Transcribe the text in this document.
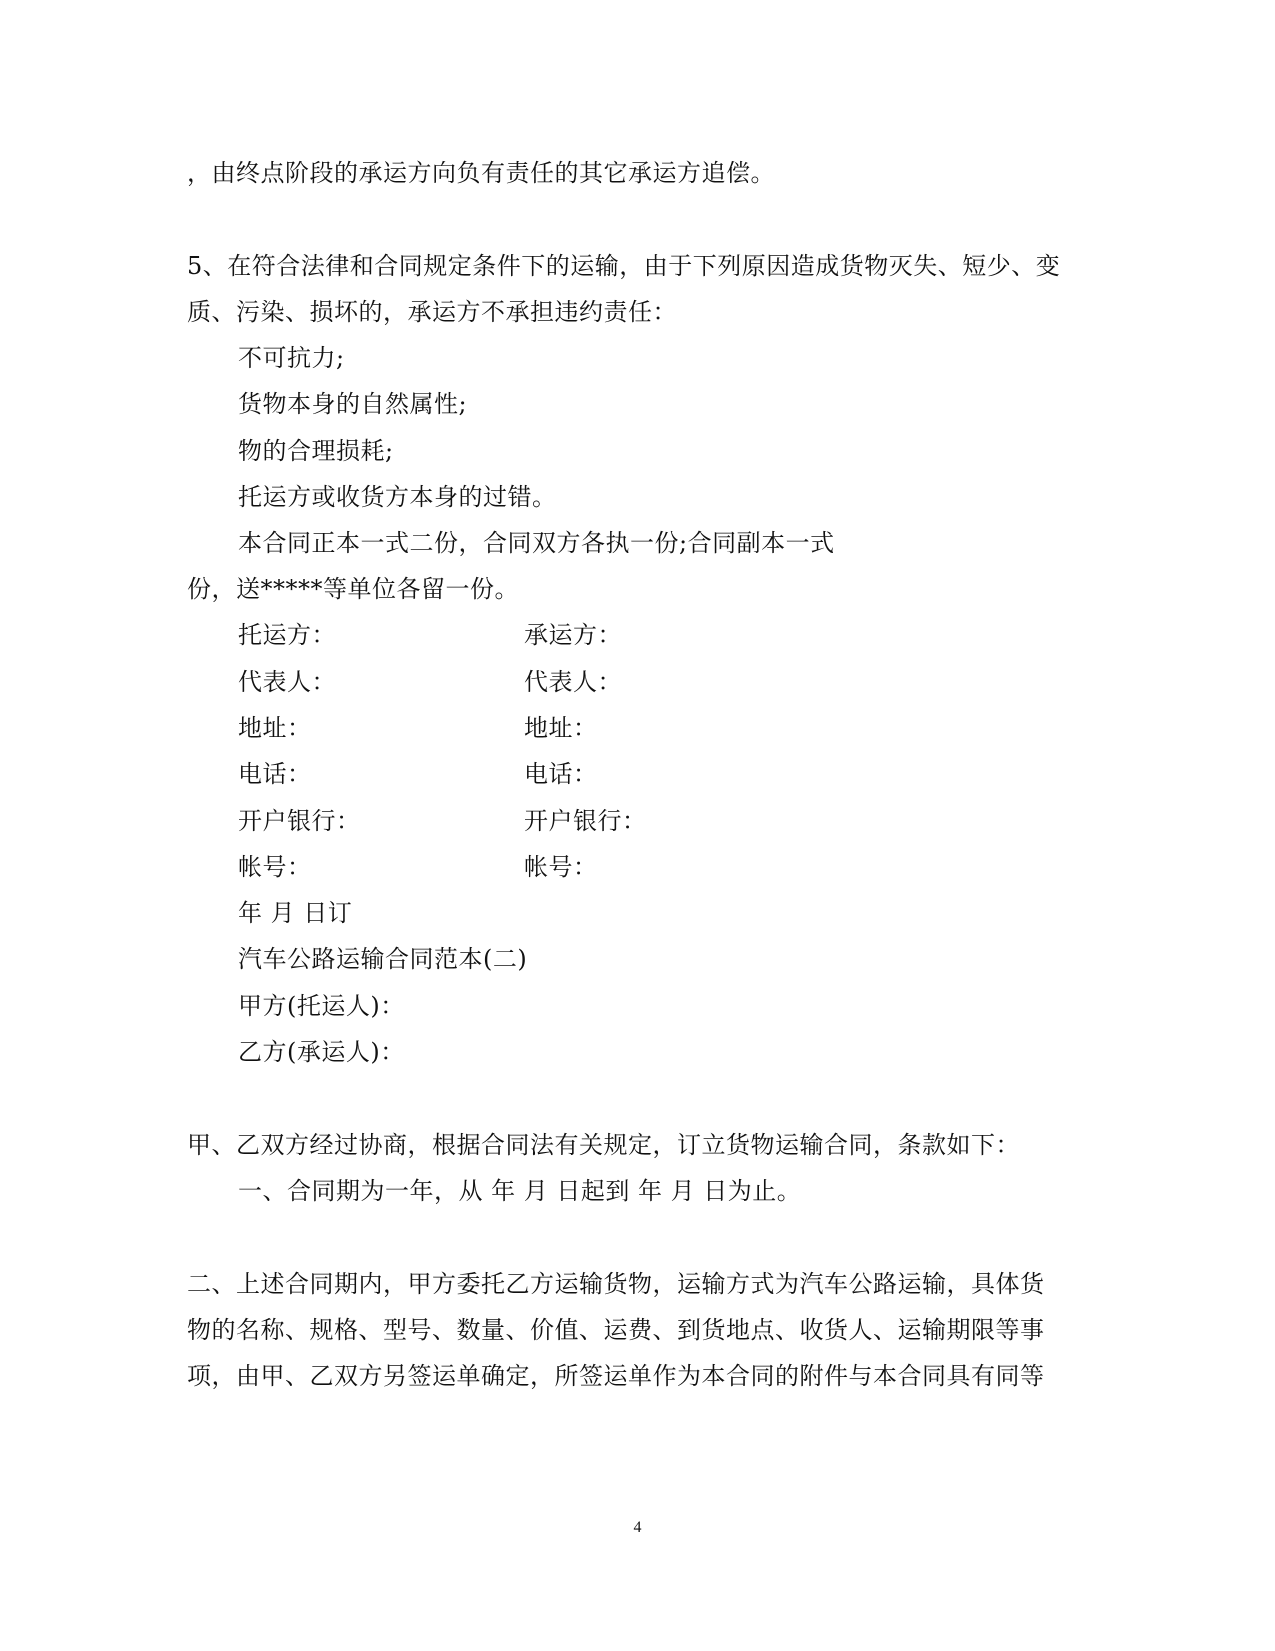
，由终点阶段的承运方向负有责任的其它承运方追偿。
5、在符合法律和合同规定条件下的运输，由于下列原因造成货物灭失、短少、变
质、污染、损坏的，承运方不承担违约责任：
不可抗力;
货物本身的自然属性;
物的合理损耗;
托运方或收货方本身的过错。
本合同正本一式二份，合同双方各执一份;合同副本一式
份，送*****等单位各留一份。
托运方：	承运方：
代表人：	代表人：
地址：	地址：
电话：	电话：
开户银行：	开户银行：
帐号：	帐号：
年 月 日订
汽车公路运输合同范本(二)
甲方(托运人)：
乙方(承运人)：
甲、乙双方经过协商，根据合同法有关规定，订立货物运输合同，条款如下：
一、合同期为一年，从 年 月 日起到 年 月 日为止。
二、上述合同期内，甲方委托乙方运输货物，运输方式为汽车公路运输，具体货
物的名称、规格、型号、数量、价值、运费、到货地点、收货人、运输期限等事
项，由甲、乙双方另签运单确定，所签运单作为本合同的附件与本合同具有同等
4
